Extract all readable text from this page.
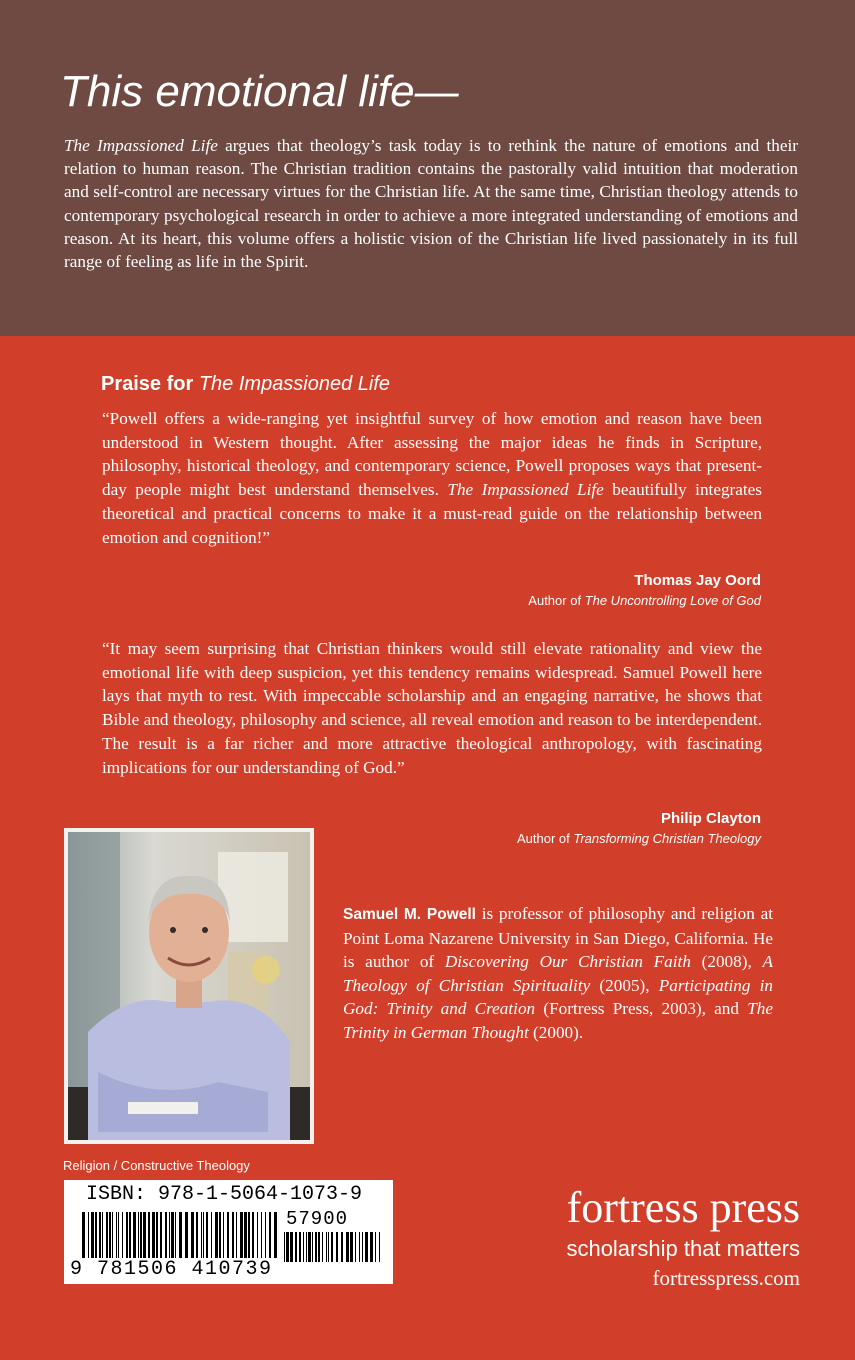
This emotional life—

The Impassioned Life argues that theology’s task today is to rethink the nature of emotions and their relation to human reason. The Christian tradition contains the pastorally valid intuition that moderation and self-control are necessary virtues for the Christian life. At the same time, Christian theology attends to contemporary psychological research in order to achieve a more integrated understanding of emotions and reason. At its heart, this volume offers a holistic vision of the Christian life lived passionately in its full range of feeling as life in the Spirit.

Praise for The Impassioned Life

“Powell offers a wide-ranging yet insightful survey of how emotion and reason have been understood in Western thought. After assessing the major ideas he finds in Scripture, philosophy, historical theology, and contemporary science, Powell proposes ways that present-day people might best understand themselves. The Impassioned Life beautifully integrates theoretical and practical concerns to make it a must-read guide on the relationship between emotion and cognition!”

Thomas Jay Oord
Author of The Uncontrolling Love of God

“It may seem surprising that Christian thinkers would still elevate rationality and view the emotional life with deep suspicion, yet this tendency remains widespread. Samuel Powell here lays that myth to rest. With impeccable scholarship and an engaging narrative, he shows that Bible and theology, philosophy and science, all reveal emotion and reason to be interdependent. The result is a far richer and more attractive theological anthropology, with fascinating implications for our understanding of God.”

Philip Clayton
Author of Transforming Christian Theology

Samuel M. Powell is professor of philosophy and religion at Point Loma Nazarene University in San Diego, California. He is author of Discovering Our Christian Faith (2008), A Theology of Christian Spirituality (2005), Participating in God: Trinity and Creation (Fortress Press, 2003), and The Trinity in German Thought (2000).

Religion / Constructive Theology
ISBN: 978-1-5064-1073-9
57900
9 781506 410739
fortress press
scholarship that matters
fortresspress.com
